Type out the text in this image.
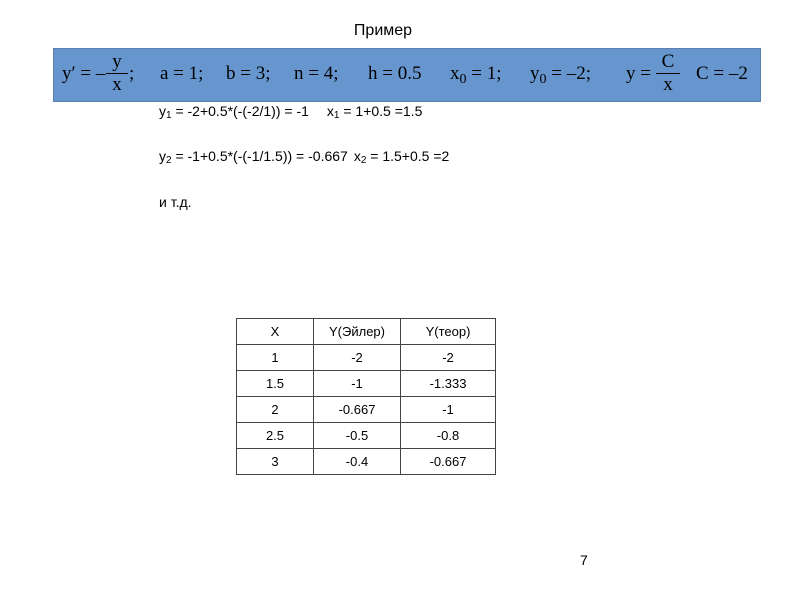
Пример
y′ = – $\frac{y}{x}$ ; a = 1; b = 3; n = 4; h = 0.5 $x_0 = 1$; $y_0 = -2$; $y = \frac{C}{x}$ C = –2
y1 = -2+0.5*(-(-2/1)) = -1 x1 = 1+0.5 =1.5
y2 = -1+0.5*(-(-1/1.5)) = -0.667 x2 = 1.5+0.5 =2
и т.д.
X	Y(Эйлер)	Y(теор)
1	-2	-2
1.5	-1	-1.333
2	-0.667	-1
2.5	-0.5	-0.8
3	-0.4	-0.667
7
